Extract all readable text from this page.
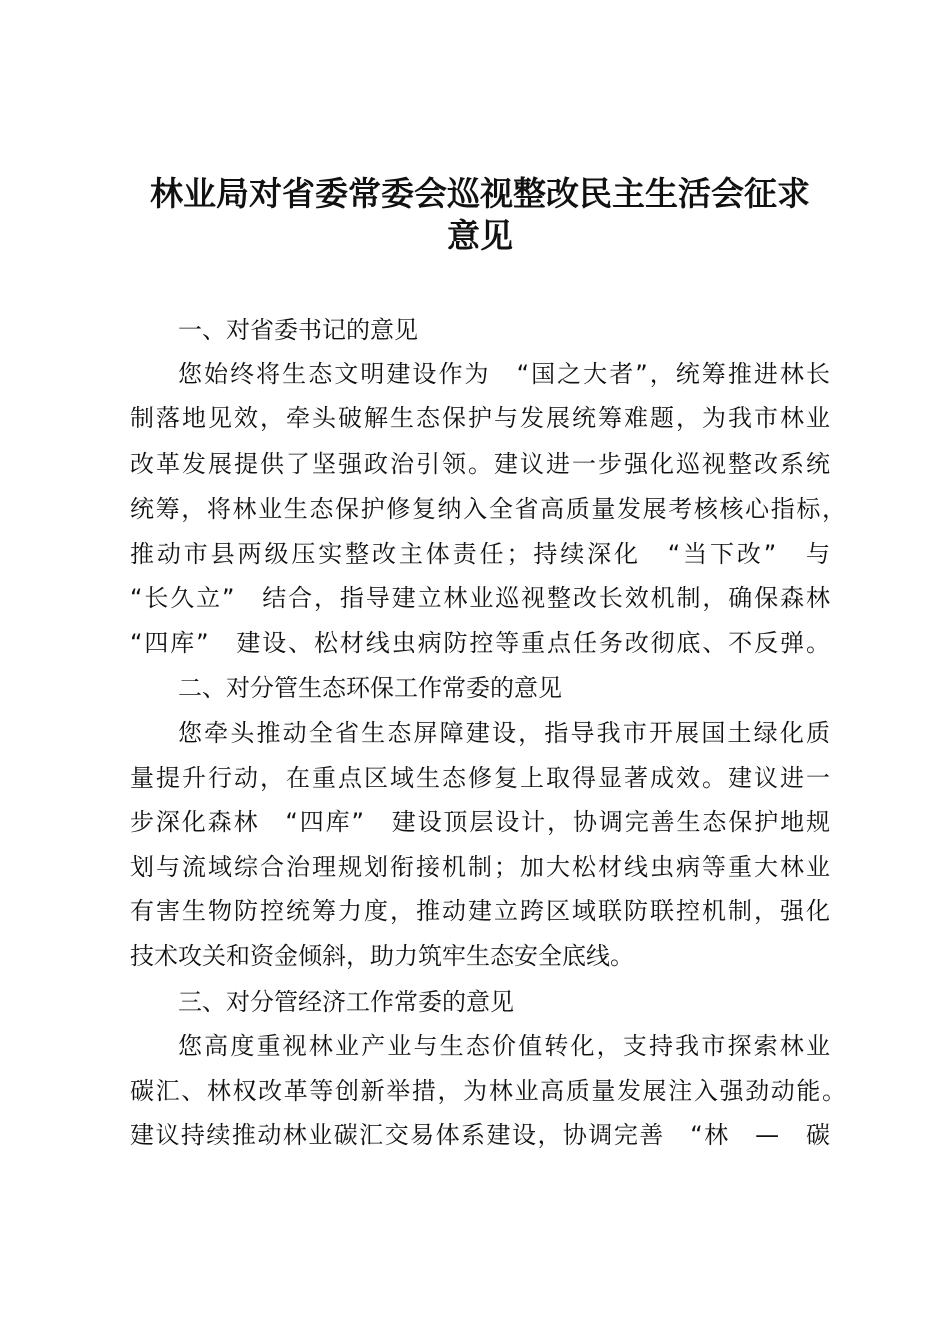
林业局对省委常委会巡视整改民主生活会征求
意见
一、对省委书记的意见
您始终将生态文明建设作为　“国之大者”，统筹推进林长
制落地见效，牵头破解生态保护与发展统筹难题，为我市林业
改革发展提供了坚强政治引领。建议进一步强化巡视整改系统
统筹，将林业生态保护修复纳入全省高质量发展考核核心指标，
推动市县两级压实整改主体责任；持续深化　“当下改”　与
“长久立”　结合，指导建立林业巡视整改长效机制，确保森林
“四库”　建设、松材线虫病防控等重点任务改彻底、不反弹。
二、对分管生态环保工作常委的意见
您牵头推动全省生态屏障建设，指导我市开展国土绿化质
量提升行动，在重点区域生态修复上取得显著成效。建议进一
步深化森林　“四库”　建设顶层设计，协调完善生态保护地规
划与流域综合治理规划衔接机制；加大松材线虫病等重大林业
有害生物防控统筹力度，推动建立跨区域联防联控机制，强化
技术攻关和资金倾斜，助力筑牢生态安全底线。
三、对分管经济工作常委的意见
您高度重视林业产业与生态价值转化，支持我市探索林业
碳汇、林权改革等创新举措，为林业高质量发展注入强劲动能。
建议持续推动林业碳汇交易体系建设，协调完善　“林　—　碳
